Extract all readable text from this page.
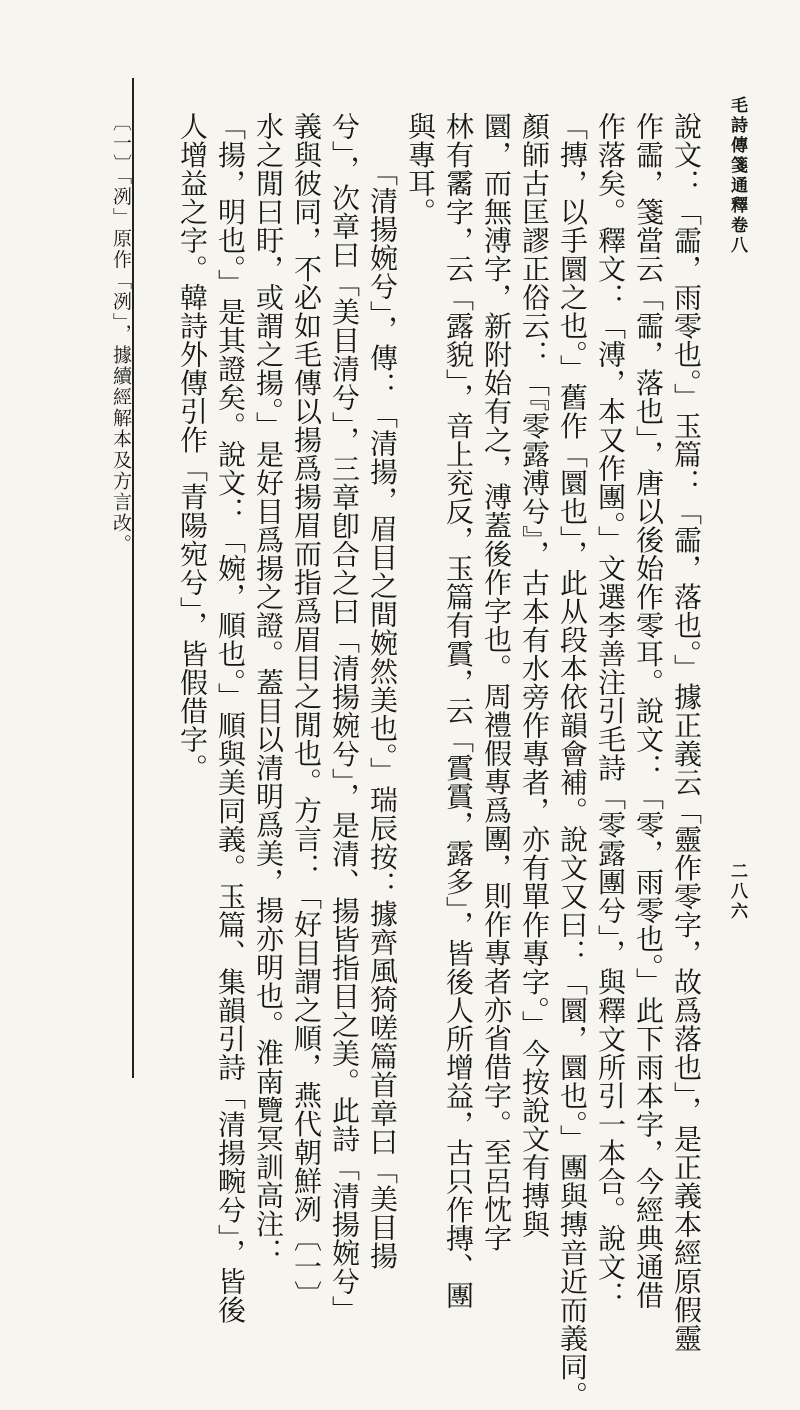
毛詩傳箋通釋卷八
二八六
說文：「霝，雨零也。」玉篇：「霝，落也。」據正義云「靈作零字，故爲落也」，是正義本經原假靈
作霝，箋當云「霝，落也」，唐以後始作零耳。說文：「零，雨零也。」此下雨本字，今經典通借
作落矣。釋文：「溥，本又作團。」文選李善注引毛詩「零露團兮」，與釋文所引一本合。說文：
「摶，以手圜之也。」舊作「圜也」，此从段本依韻會補。說文又曰：「圜，圜也。」團與摶音近而義同。
顏師古匡謬正俗云：「『零露溥兮』，古本有水旁作專者，亦有單作專字。」今按說文有摶與
圜，而無溥字，新附始有之，溥蓋後作字也。周禮假專爲團，則作專者亦省借字。至呂忱字
林有霱字，云「露貌」，音上兖反，玉篇有霣，云「霣霣，露多」，皆後人所增益，古只作摶、團
與專耳。
「清揚婉兮」，傳：「清揚，眉目之間婉然美也。」瑞辰按：據齊風猗嗟篇首章曰「美目揚
兮」，次章曰「美目清兮」，三章卽合之曰「清揚婉兮」，是清、揚皆指目之美。此詩「清揚婉兮」
義與彼同，不必如毛傳以揚爲揚眉而指爲眉目之閒也。方言：「好目謂之順，燕代朝鮮冽〔一〕
水之閒曰盱，或謂之揚。」是好目爲揚之證。蓋目以清明爲美，揚亦明也。淮南覽冥訓高注：
「揚，明也。」是其證矣。說文：「婉，順也。」順與美同義。玉篇、集韻引詩「清揚畹兮」，皆後
人增益之字。韓詩外傳引作「青陽宛兮」，皆假借字。
〔一〕「冽」原作「冽」，據續經解本及方言改。
